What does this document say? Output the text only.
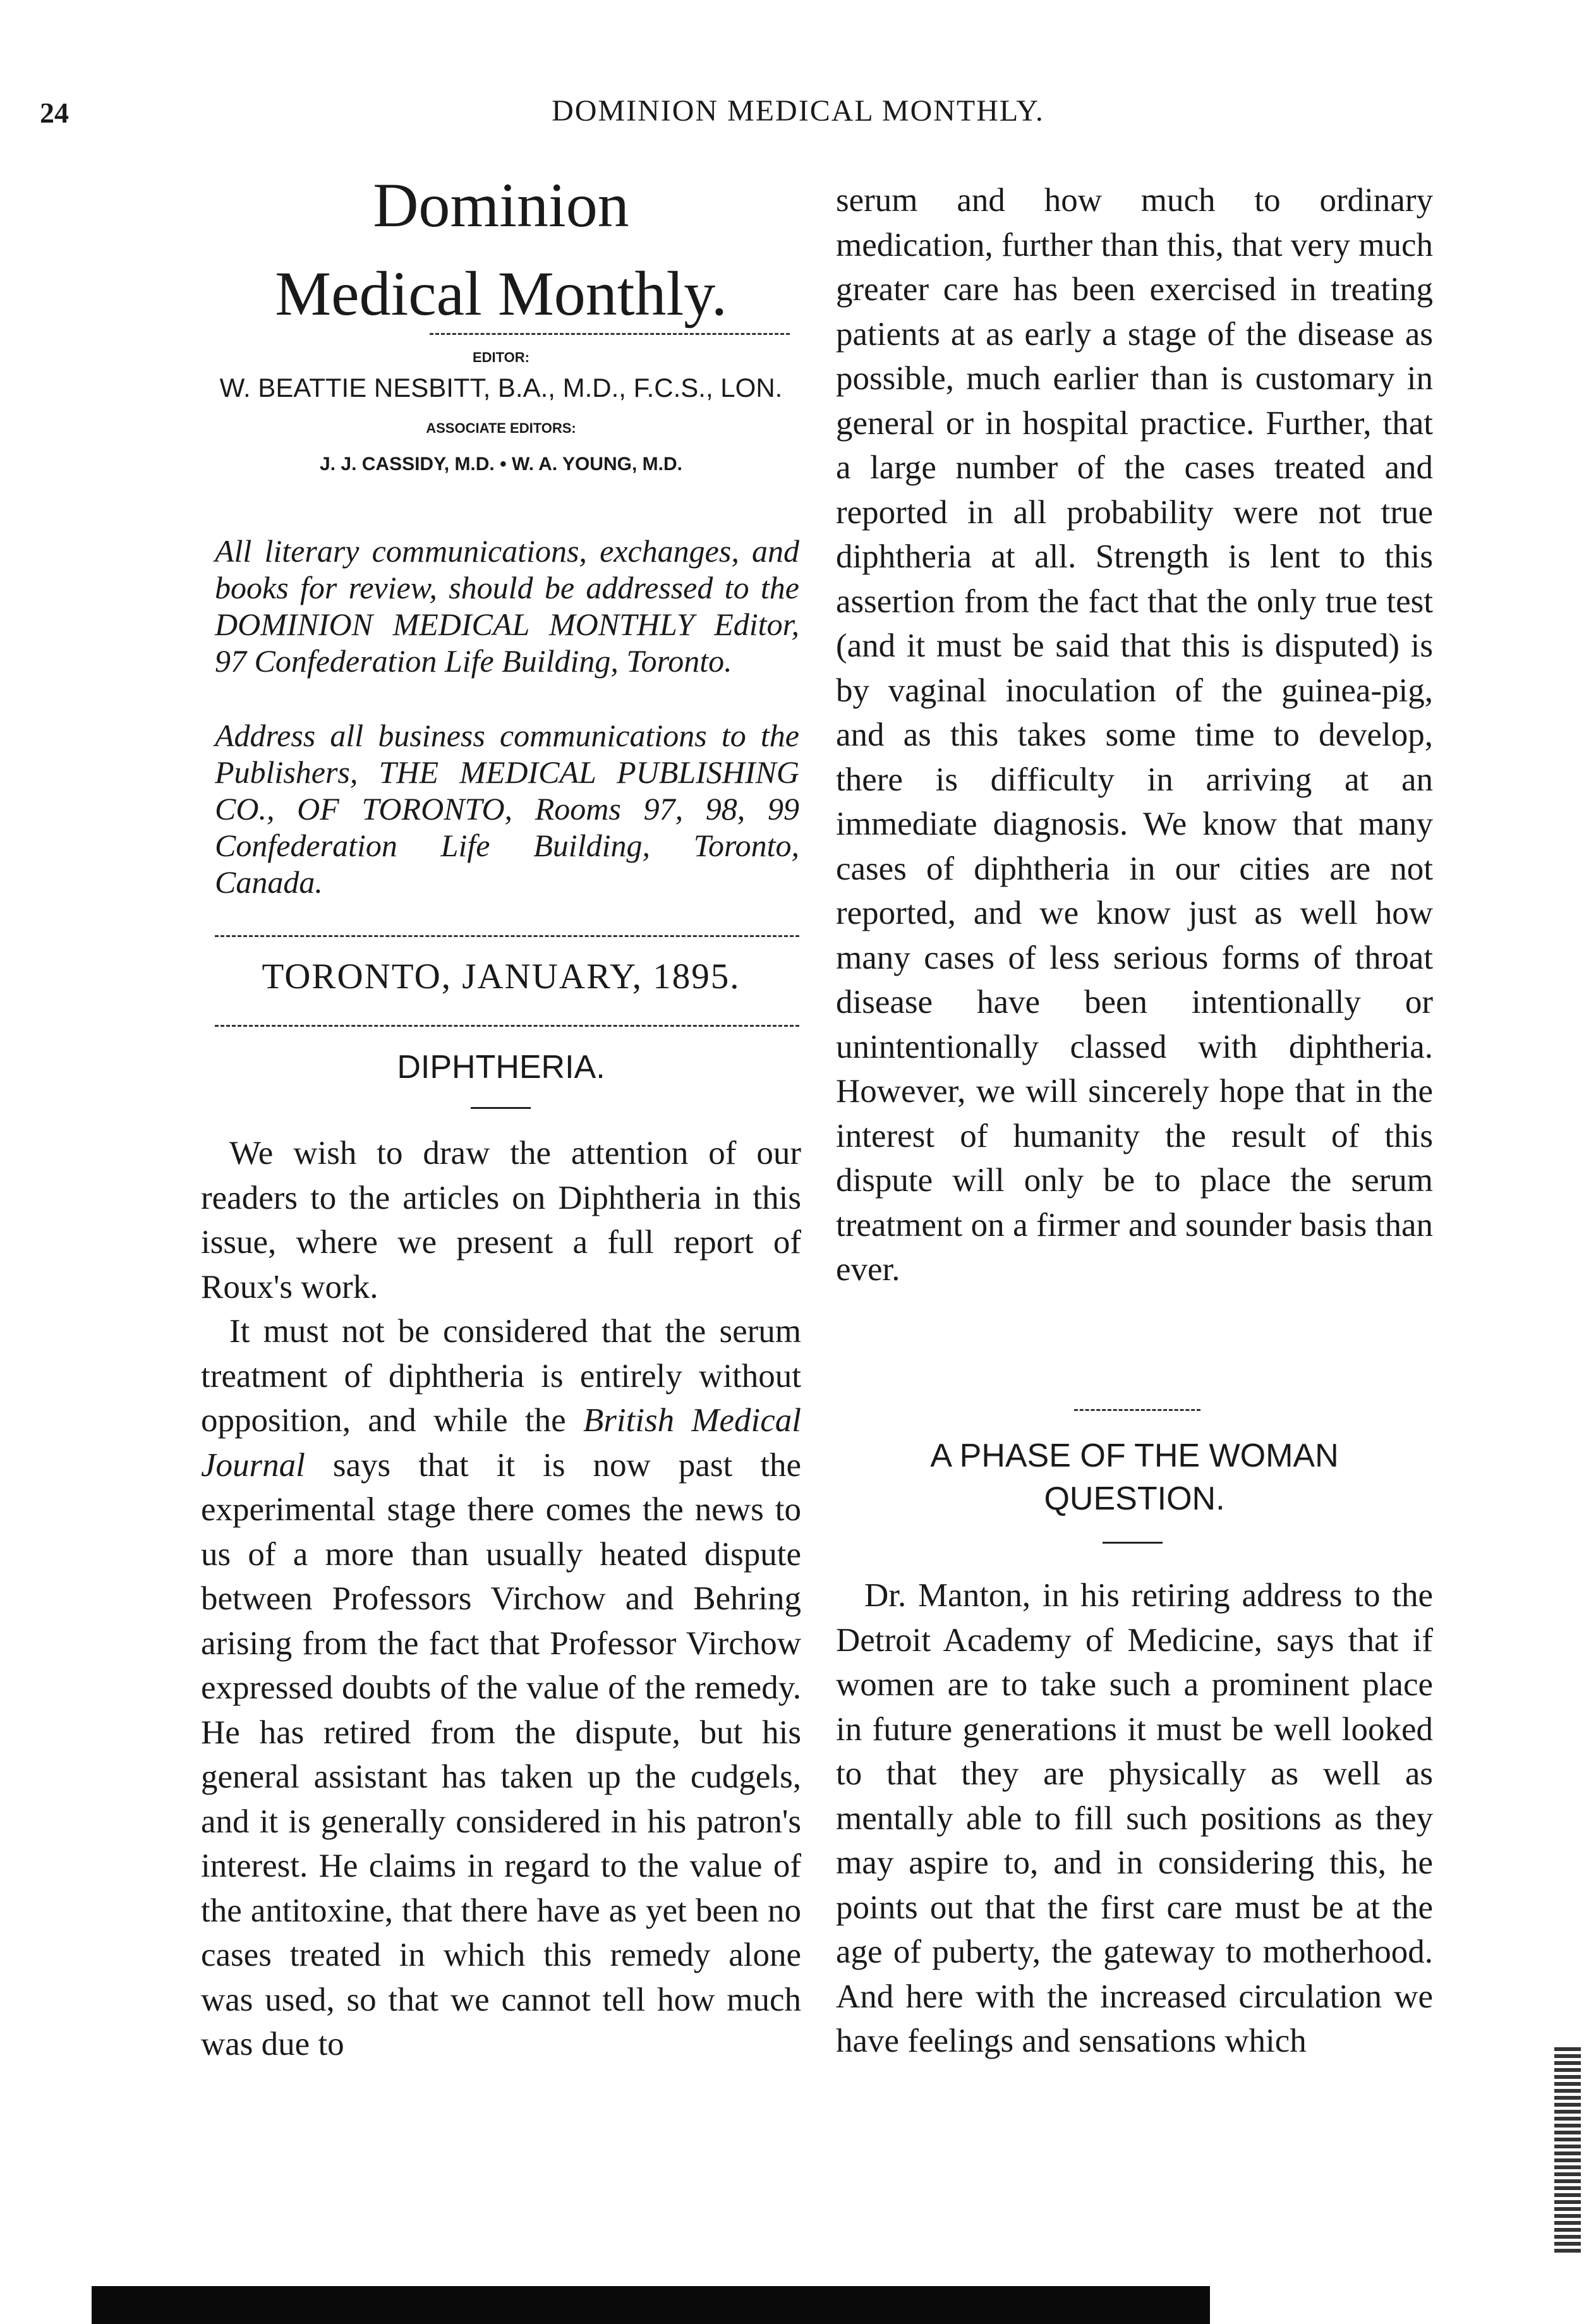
24	DOMINION MEDICAL MONTHLY.
Dominion
Medical Monthly.
EDITOR:
W. BEATTIE NESBITT, B.A., M.D., F.C.S., LON.
ASSOCIATE EDITORS:
J. J. CASSIDY, M.D. • W. A. YOUNG, M.D.
All literary communications, exchanges, and books for review, should be addressed to the DOMINION MEDICAL MONTHLY Editor, 97 Confederation Life Building, Toronto.
Address all business communications to the Publishers, THE MEDICAL PUBLISHING CO., OF TORONTO, Rooms 97, 98, 99 Confederation Life Building, Toronto, Canada.
TORONTO, JANUARY, 1895.
DIPHTHERIA.

We wish to draw the attention of our readers to the articles on Diphtheria in this issue, where we present a full report of Roux's work.

It must not be considered that the serum treatment of diphtheria is entirely without opposition, and while the British Medical Journal says that it is now past the experimental stage there comes the news to us of a more than usually heated dispute between Professors Virchow and Behring arising from the fact that Professor Virchow expressed doubts of the value of the remedy. He has retired from the dispute, but his general assistant has taken up the cudgels, and it is generally considered in his patron's interest. He claims in regard to the value of the antitoxine, that there have as yet been no cases treated in which this remedy alone was used, so that we cannot tell how much was due to

serum and how much to ordinary medication, further than this, that very much greater care has been exercised in treating patients at as early a stage of the disease as possible, much earlier than is customary in general or in hospital practice. Further, that a large number of the cases treated and reported in all probability were not true diphtheria at all. Strength is lent to this assertion from the fact that the only true test (and it must be said that this is disputed) is by vaginal inoculation of the guinea-pig, and as this takes some time to develop, there is difficulty in arriving at an immediate diagnosis. We know that many cases of diphtheria in our cities are not reported, and we know just as well how many cases of less serious forms of throat disease have been intentionally or unintentionally classed with diphtheria. However, we will sincerely hope that in the interest of humanity the result of this dispute will only be to place the serum treatment on a firmer and sounder basis than ever.

A PHASE OF THE WOMAN QUESTION.

Dr. Manton, in his retiring address to the Detroit Academy of Medicine, says that if women are to take such a prominent place in future generations it must be well looked to that they are physically as well as mentally able to fill such positions as they may aspire to, and in considering this, he points out that the first care must be at the age of puberty, the gateway to motherhood. And here with the increased circulation we have feelings and sensations which
